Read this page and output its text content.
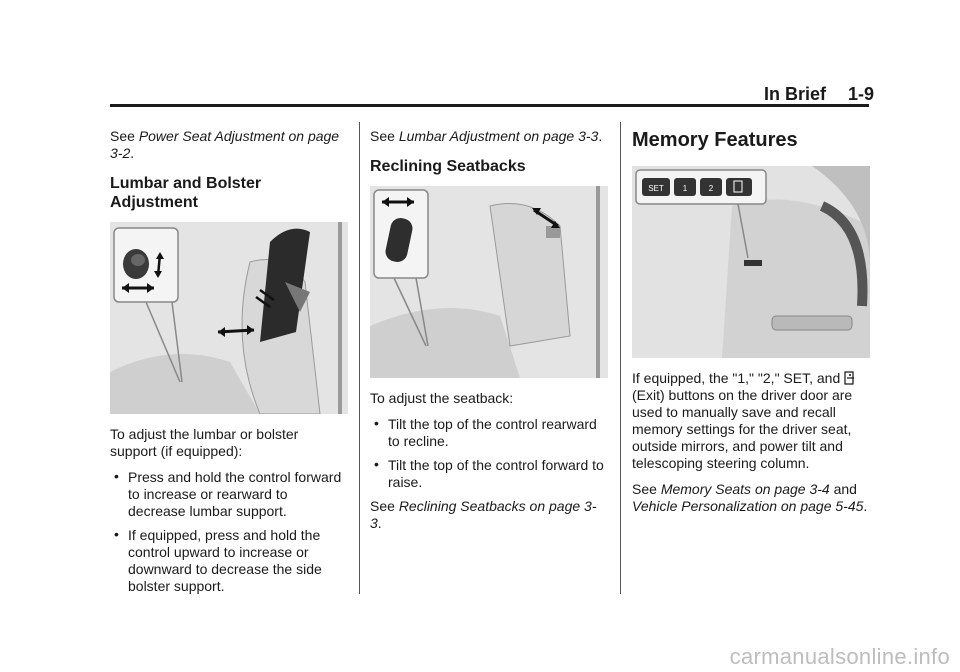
In Brief 1-9

See Power Seat Adjustment on page 3-2.

Lumbar and Bolster Adjustment

To adjust the lumbar or bolster support (if equipped):

• Press and hold the control forward to increase or rearward to decrease lumbar support.
• If equipped, press and hold the control upward to increase or downward to decrease the side bolster support.

See Lumbar Adjustment on page 3-3.

Reclining Seatbacks

To adjust the seatback:

• Tilt the top of the control rearward to recline.
• Tilt the top of the control forward to raise.

See Reclining Seatbacks on page 3-3.

Memory Features
SET 1	2

If equipped, the "1," "2," SET, and  (Exit) buttons on the driver door are used to manually save and recall memory settings for the driver seat, outside mirrors, and power tilt and telescoping steering column.

See Memory Seats on page 3-4 and Vehicle Personalization on page 5-45.

carmanualsonline.info
